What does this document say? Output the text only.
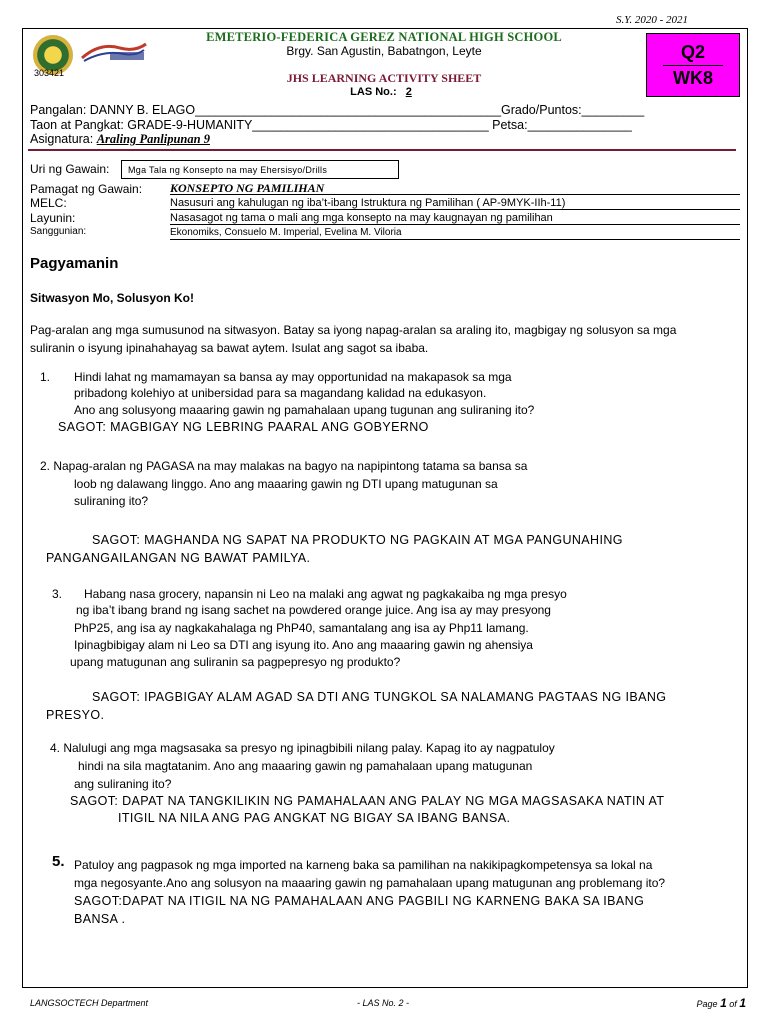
S.Y. 2020 - 2021
303421
EMETERIO-FEDERICA GEREZ NATIONAL HIGH SCHOOL
Brgy. San Agustin, Babatngon, Leyte
JHS LEARNING ACTIVITY SHEET
LAS No.: 2
Q2
WK8
Pangalan: DANNY B. ELAGO____________________________________________Grado/Puntos:_________
Taon at Pangkat: GRADE-9-HUMANITY__________________________________ Petsa:_______________
Asignatura: Araling Panlipunan 9
Uri ng Gawain:	Mga Tala ng Konsepto na may Ehersisyo/Drills
Pamagat ng Gawain: KONSEPTO NG PAMILIHAN
MELC:	Nasusuri ang kahulugan ng iba’t-ibang Istruktura ng Pamilihan ( AP-9MYK-IIh-11)
Layunin:	Nasasagot ng tama o mali ang mga konsepto na may kaugnayan ng pamilihan
Sanggunian:	Ekonomiks, Consuelo M. Imperial, Evelina M. Viloria
Pagyamanin
Sitwasyon Mo, Solusyon Ko!
Pag-aralan ang mga sumusunod na sitwasyon. Batay sa iyong napag-aralan sa araling ito, magbigay ng solusyon sa mga
suliranin o isyung ipinahahayag sa bawat aytem. Isulat ang sagot sa ibaba.
1. Hindi lahat ng mamamayan sa bansa ay may opportunidad na makapasok sa mga
pribadong kolehiyo at unibersidad para sa magandang kalidad na edukasyon.
Ano ang solusyong maaaring gawin ng pamahalaan upang tugunan ang suliraning ito?
SAGOT: MAGBIGAY NG LEBRING PAARAL ANG GOBYERNO
2. Napag-aralan ng PAGASA na may malakas na bagyo na napipintong tatama sa bansa sa
loob ng dalawang linggo. Ano ang maaaring gawin ng DTI upang matugunan sa
suliraning ito?
SAGOT: MAGHANDA NG SAPAT NA PRODUKTO NG PAGKAIN AT MGA PANGUNAHING
PANGANGAILANGAN NG BAWAT PAMILYA.
3. Habang nasa grocery, napansin ni Leo na malaki ang agwat ng pagkakaiba ng mga presyo
ng iba’t ibang brand ng isang sachet na powdered orange juice. Ang isa ay may presyong
PhP25, ang isa ay nagkakahalaga ng PhP40, samantalang ang isa ay Php11 lamang.
Ipinagbibigay alam ni Leo sa DTI ang isyung ito. Ano ang maaaring gawin ng ahensiya
upang matugunan ang suliranin sa pagpepresyo ng produkto?
SAGOT: IPAGBIGAY ALAM AGAD SA DTI ANG TUNGKOL SA NALAMANG PAGTAAS NG IBANG
PRESYO.
4. Nalulugi ang mga magsasaka sa presyo ng ipinagbibili nilang palay. Kapag ito ay nagpatuloy
hindi na sila magtatanim. Ano ang maaaring gawin ng pamahalaan upang matugunan
ang suliraning ito?
SAGOT: DAPAT NA TANGKILIKIN NG PAMAHALAAN ANG PALAY NG MGA MAGSASAKA NATIN AT
ITIGIL NA NILA ANG PAG ANGKAT NG BIGAY SA IBANG BANSA.
5. Patuloy ang pagpasok ng mga imported na karneng baka sa pamilihan na nakikipagkompetensya sa lokal na
mga negosyante.Ano ang solusyon na maaaring gawin ng pamahalaan upang matugunan ang problemang ito?
SAGOT:DAPAT NA ITIGIL NA NG PAMAHALAAN ANG PAGBILI NG KARNENG BAKA SA IBANG
BANSA .
LANGSOCTECH Department	- LAS No. 2 -	Page 1 of 1
